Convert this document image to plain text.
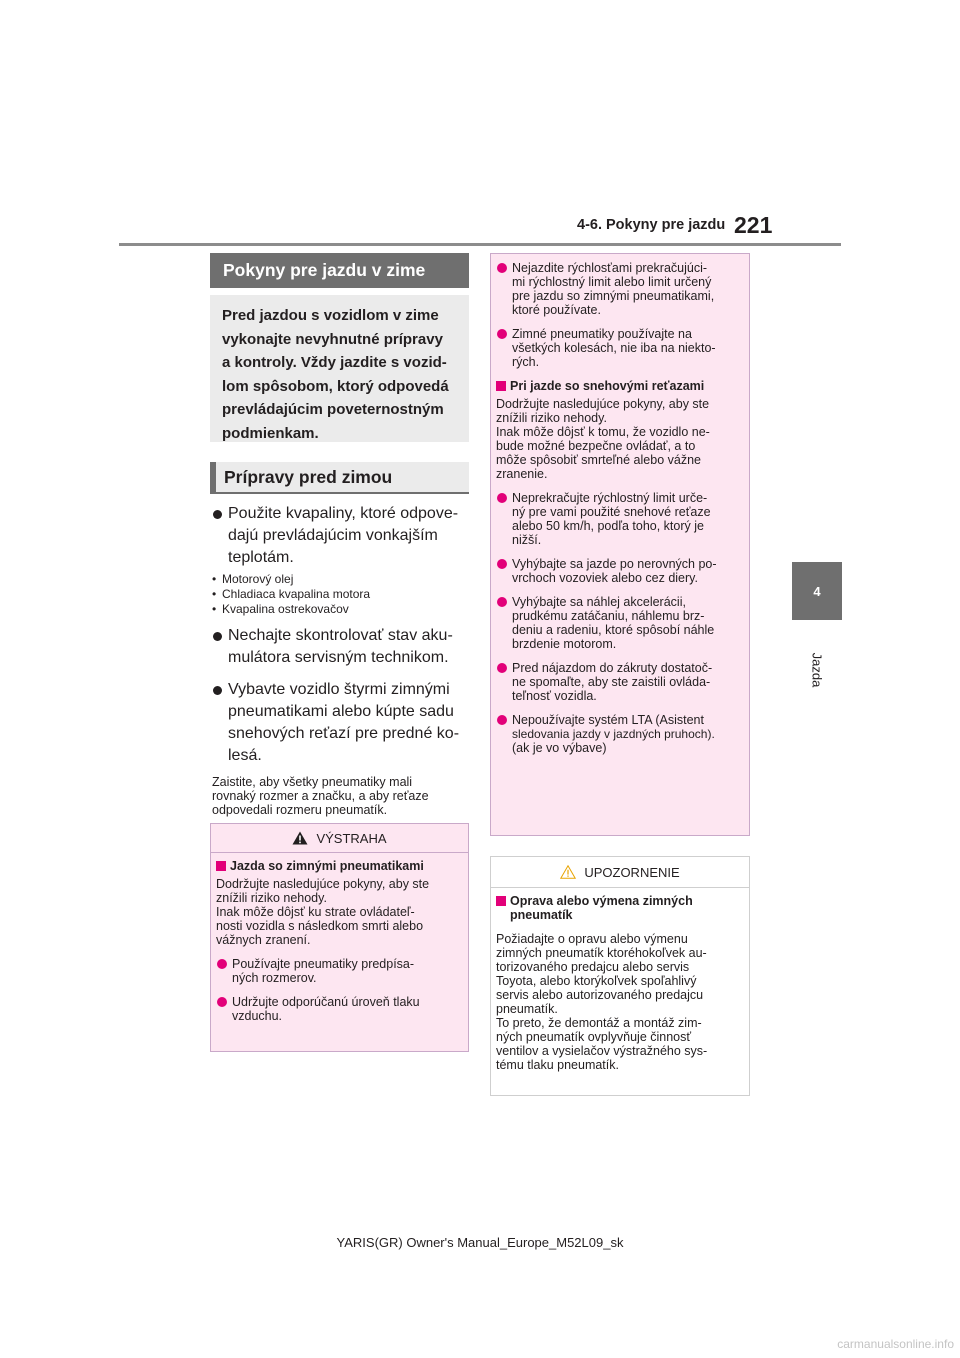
4-6. Pokyny pre jazdu 221
4
Jazda
Pokyny pre jazdu v zime
Pred jazdou s vozidlom v zime
vykonajte nevyhnutné prípravy
a kontroly. Vždy jazdite s vozid-
lom spôsobom, ktorý odpovedá
prevládajúcim poveternostným
podmienkam.
Prípravy pred zimou
Použite kvapaliny, ktoré odpove-
dajú prevládajúcim vonkajším
teplotám.
• Motorový olej
• Chladiaca kvapalina motora
• Kvapalina ostrekovačov
Nechajte skontrolovať stav aku-
mulátora servisným technikom.
Vybavte vozidlo štyrmi zimnými
pneumatikami alebo kúpte sadu
snehových reťazí pre predné ko-
lesá.
Zaistite, aby všetky pneumatiky mali
rovnaký rozmer a značku, a aby reťaze
odpovedali rozmeru pneumatík.
VÝSTRAHA
Jazda so zimnými pneumatikami
Dodržujte nasledujúce pokyny, aby ste
znížili riziko nehody.
Inak môže dôjsť ku strate ovládateľ-
nosti vozidla s následkom smrti alebo
vážnych zranení.
Používajte pneumatiky predpísa-
ných rozmerov.
Udržujte odporúčanú úroveň tlaku
vzduchu.
Nejazdite rýchlosťami prekračujúci-
mi rýchlostný limit alebo limit určený
pre jazdu so zimnými pneumatikami,
ktoré používate.
Zimné pneumatiky používajte na
všetkých kolesách, nie iba na niekto-
rých.
Pri jazde so snehovými reťazami
Dodržujte nasledujúce pokyny, aby ste
znížili riziko nehody.
Inak môže dôjsť k tomu, že vozidlo ne-
bude možné bezpečne ovládať, a to
môže spôsobiť smrteľné alebo vážne
zranenie.
Neprekračujte rýchlostný limit urče-
ný pre vami použité snehové reťaze
alebo 50 km/h, podľa toho, ktorý je
nižší.
Vyhýbajte sa jazde po nerovných po-
vrchoch vozoviek alebo cez diery.
Vyhýbajte sa náhlej akcelerácii,
prudkému zatáčaniu, náhlemu brz-
deniu a radeniu, ktoré spôsobí náhle
brzdenie motorom.
Pred nájazdom do zákruty dostatoč-
ne spomaľte, aby ste zaistili ovláda-
teľnosť vozidla.
Nepoužívajte systém LTA (Asistent
sledovania jazdy v jazdných pruhoch).
(ak je vo výbave)
UPOZORNENIE
Oprava alebo výmena zimných
pneumatík
Požiadajte o opravu alebo výmenu
zimných pneumatík ktoréhokoľvek au-
torizovaného predajcu alebo servis
Toyota, alebo ktorýkoľvek spoľahlivý
servis alebo autorizovaného predajcu
pneumatík.
To preto, že demontáž a montáž zim-
ných pneumatík ovplyvňuje činnosť
ventilov a vysielačov výstražného sys-
tému tlaku pneumatík.
YARIS(GR) Owner's Manual_Europe_M52L09_sk
carmanualsonline.info
